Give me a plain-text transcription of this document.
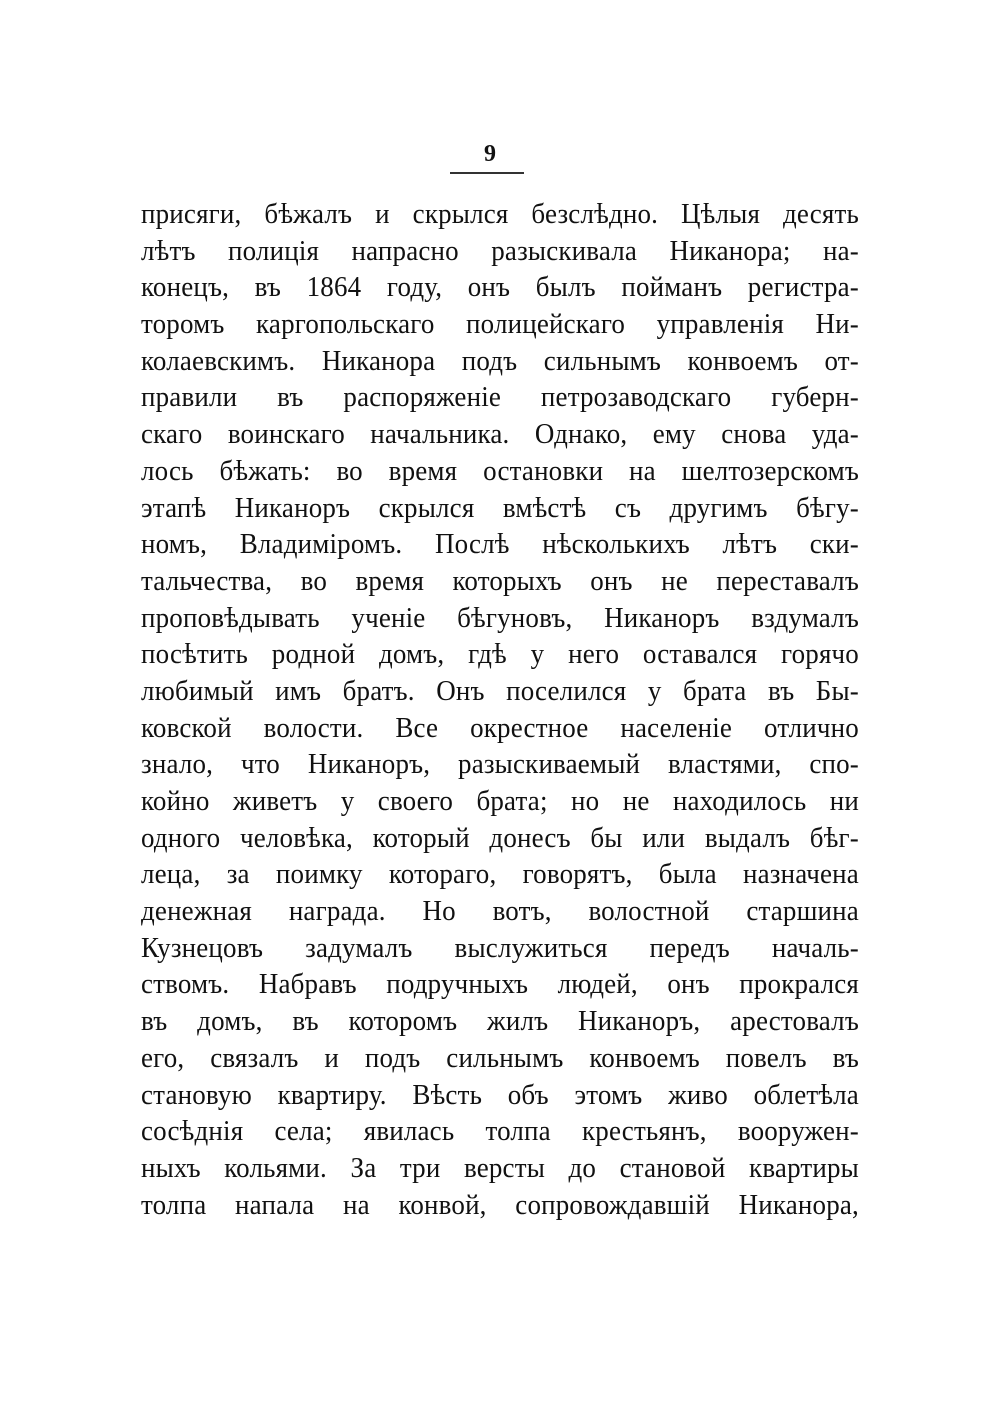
9
присяги, бѣжалъ и скрылся безслѣдно. Цѣлыя десять
лѣтъ полиція напрасно разыскивала Никанора; на-
конецъ, въ 1864 году, онъ былъ пойманъ регистра-
торомъ каргопольскаго полицейскаго управленія Ни-
колаевскимъ. Никанора подъ сильнымъ конвоемъ от-
правили въ распоряженіе петрозаводскаго губерн-
скаго воинскаго начальника. Однако, ему снова уда-
лось бѣжать: во время остановки на шелтозерскомъ
этапѣ Никаноръ скрылся вмѣстѣ съ другимъ бѣгу-
номъ, Владиміромъ. Послѣ нѣсколькихъ лѣтъ ски-
тальчества, во время которыхъ онъ не переставалъ
проповѣдывать ученіе бѣгуновъ, Никаноръ вздумалъ
посѣтить родной домъ, гдѣ у него оставался горячо
любимый имъ братъ. Онъ поселился у брата въ Бы-
ковской волости. Все окрестное населеніе отлично
знало, что Никаноръ, разыскиваемый властями, спо-
койно живетъ у своего брата; но не находилось ни
одного человѣка, который донесъ бы или выдалъ бѣг-
леца, за поимку котораго, говорятъ, была назначена
денежная награда. Но вотъ, волостной старшина
Кузнецовъ задумалъ выслужиться передъ началь-
ствомъ. Набравъ подручныхъ людей, онъ прокрался
въ домъ, въ которомъ жилъ Никаноръ, арестовалъ
его, связалъ и подъ сильнымъ конвоемъ повелъ въ
становую квартиру. Вѣсть объ этомъ живо облетѣла
сосѣднія села; явилась толпа крестьянъ, вооружен-
ныхъ кольями. За три версты до становой квартиры
толпа напала на конвой, сопровождавшій Никанора,
